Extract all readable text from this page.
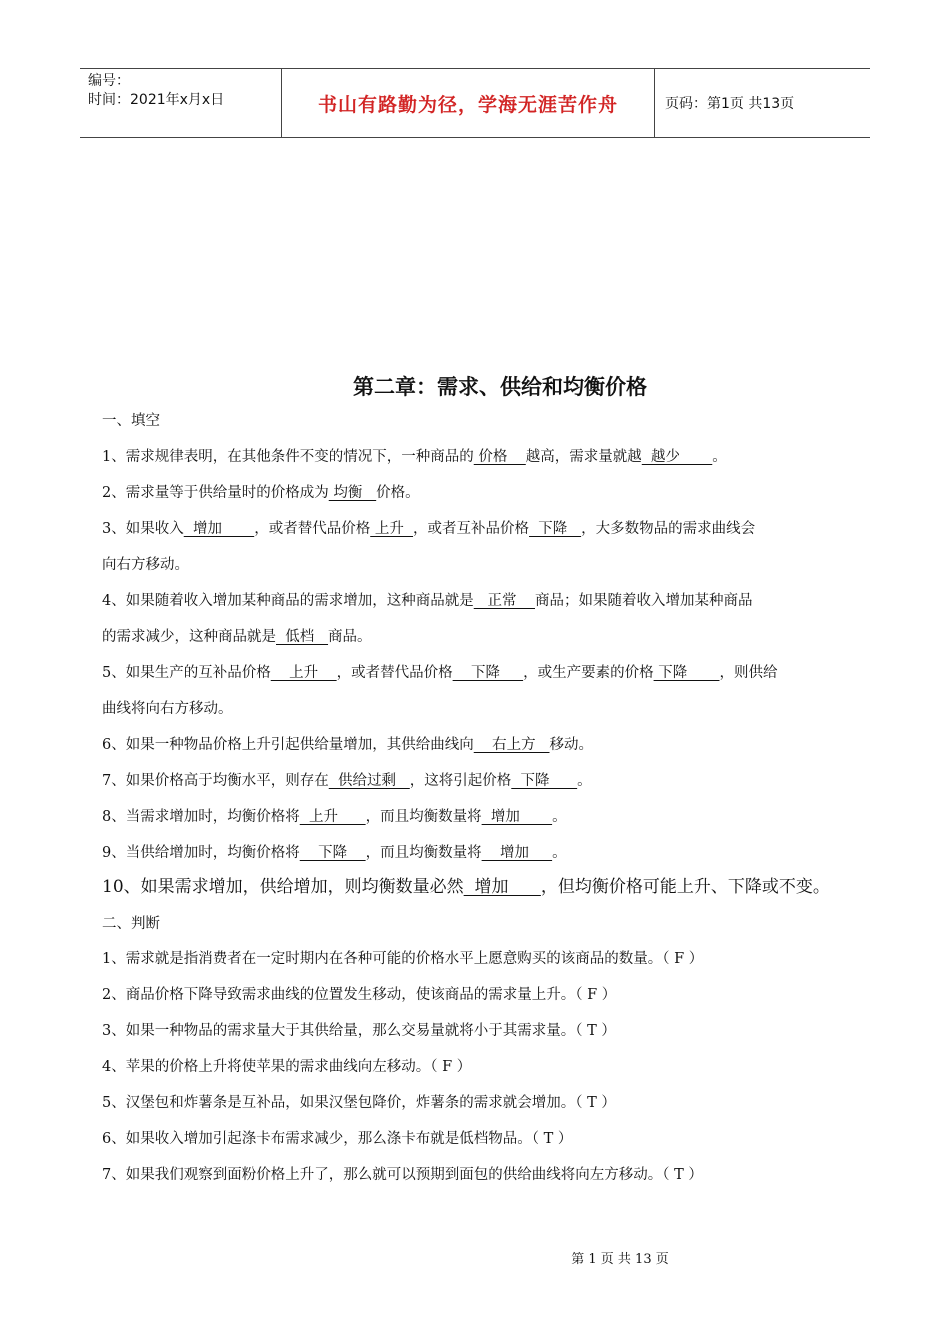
编号：
时间：2021年x月x日	书山有路勤为径，学海无涯苦作舟	页码：第1页 共13页
第二章：需求、供给和均衡价格
一、填空
1、需求规律表明，在其他条件不变的情况下，一种商品的 价格    越高，需求量就越  越少       。
2、需求量等于供给量时的价格成为 均衡   价格。
3、如果收入  增加       ，或者替代品价格 上升  ，或者互补品价格  下降   ，大多数物品的需求曲线会
向右方移动。
4、如果随着收入增加某种商品的需求增加，这种商品就是   正常    商品；如果随着收入增加某种商品
的需求减少，这种商品就是  低档   商品。
5、如果生产的互补品价格    上升    ，或者替代品价格    下降     ，或生产要素的价格 下降       ，则供给
曲线将向右方移动。
6、如果一种物品价格上升引起供给量增加，其供给曲线向    右上方   移动。
7、如果价格高于均衡水平，则存在  供给过剩   ，这将引起价格  下降      。
8、当需求增加时，均衡价格将  上升      ，而且均衡数量将  增加       。
9、当供给增加时，均衡价格将    下降    ，而且均衡数量将    增加     。
10、如果需求增加，供给增加，则均衡数量必然  增加      ，但均衡价格可能上升、下降或不变。
二、判断
1、需求就是指消费者在一定时期内在各种可能的价格水平上愿意购买的该商品的数量。（ F ）
2、商品价格下降导致需求曲线的位置发生移动，使该商品的需求量上升。（ F ）
3、如果一种物品的需求量大于其供给量，那么交易量就将小于其需求量。（ T ）
4、苹果的价格上升将使苹果的需求曲线向左移动。（ F ）
5、汉堡包和炸薯条是互补品，如果汉堡包降价，炸薯条的需求就会增加。（ T ）
6、如果收入增加引起涤卡布需求减少，那么涤卡布就是低档物品。（ T ）
7、如果我们观察到面粉价格上升了，那么就可以预期到面包的供给曲线将向左方移动。（ T ）
第 1 页 共 13 页
